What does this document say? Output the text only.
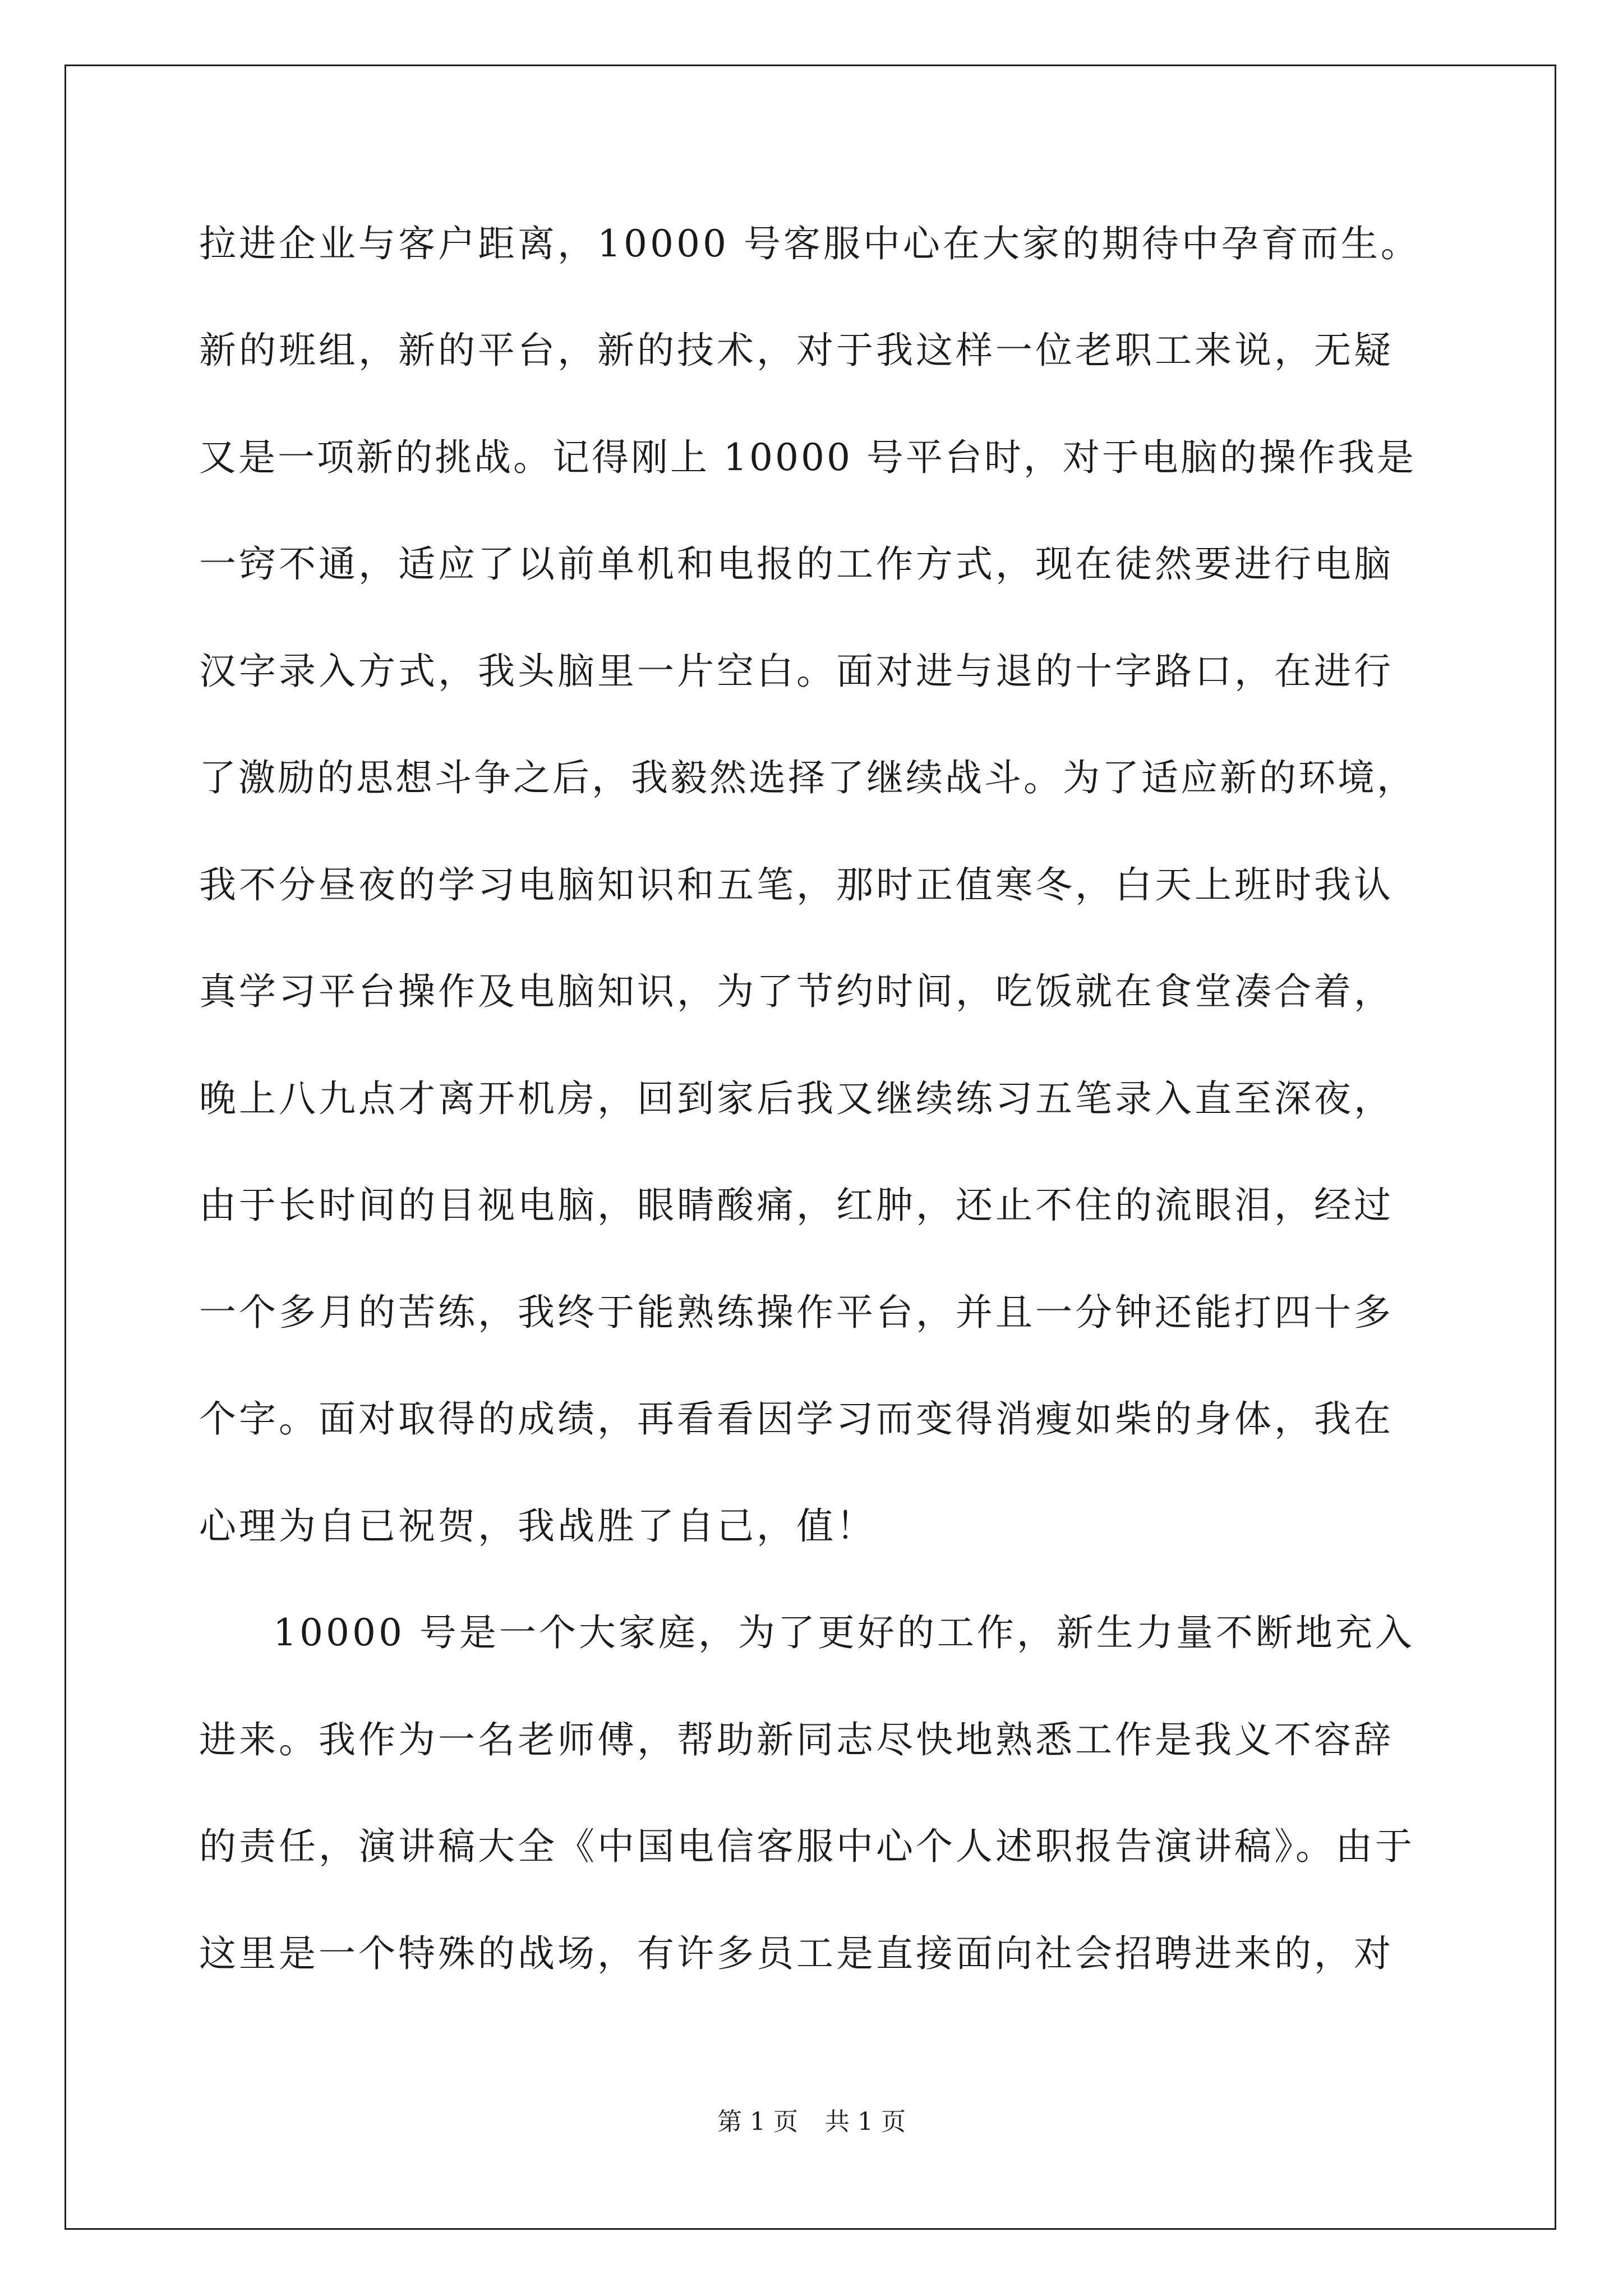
拉进企业与客户距离，10000 号客服中心在大家的期待中孕育而生。
新的班组，新的平台，新的技术，对于我这样一位老职工来说，无疑
又是一项新的挑战。记得刚上 10000 号平台时，对于电脑的操作我是
一窍不通，适应了以前单机和电报的工作方式，现在徒然要进行电脑
汉字录入方式，我头脑里一片空白。面对进与退的十字路口，在进行
了激励的思想斗争之后，我毅然选择了继续战斗。为了适应新的环境，
我不分昼夜的学习电脑知识和五笔，那时正值寒冬，白天上班时我认
真学习平台操作及电脑知识，为了节约时间，吃饭就在食堂凑合着，
晚上八九点才离开机房，回到家后我又继续练习五笔录入直至深夜，
由于长时间的目视电脑，眼睛酸痛，红肿，还止不住的流眼泪，经过
一个多月的苦练，我终于能熟练操作平台，并且一分钟还能打四十多
个字。面对取得的成绩，再看看因学习而变得消瘦如柴的身体，我在
心理为自已祝贺，我战胜了自己，值！
10000 号是一个大家庭，为了更好的工作，新生力量不断地充入
进来。我作为一名老师傅，帮助新同志尽快地熟悉工作是我义不容辞
的责任，演讲稿大全《中国电信客服中心个人述职报告演讲稿》。由于
这里是一个特殊的战场，有许多员工是直接面向社会招聘进来的，对
第 1 页 共 1 页
